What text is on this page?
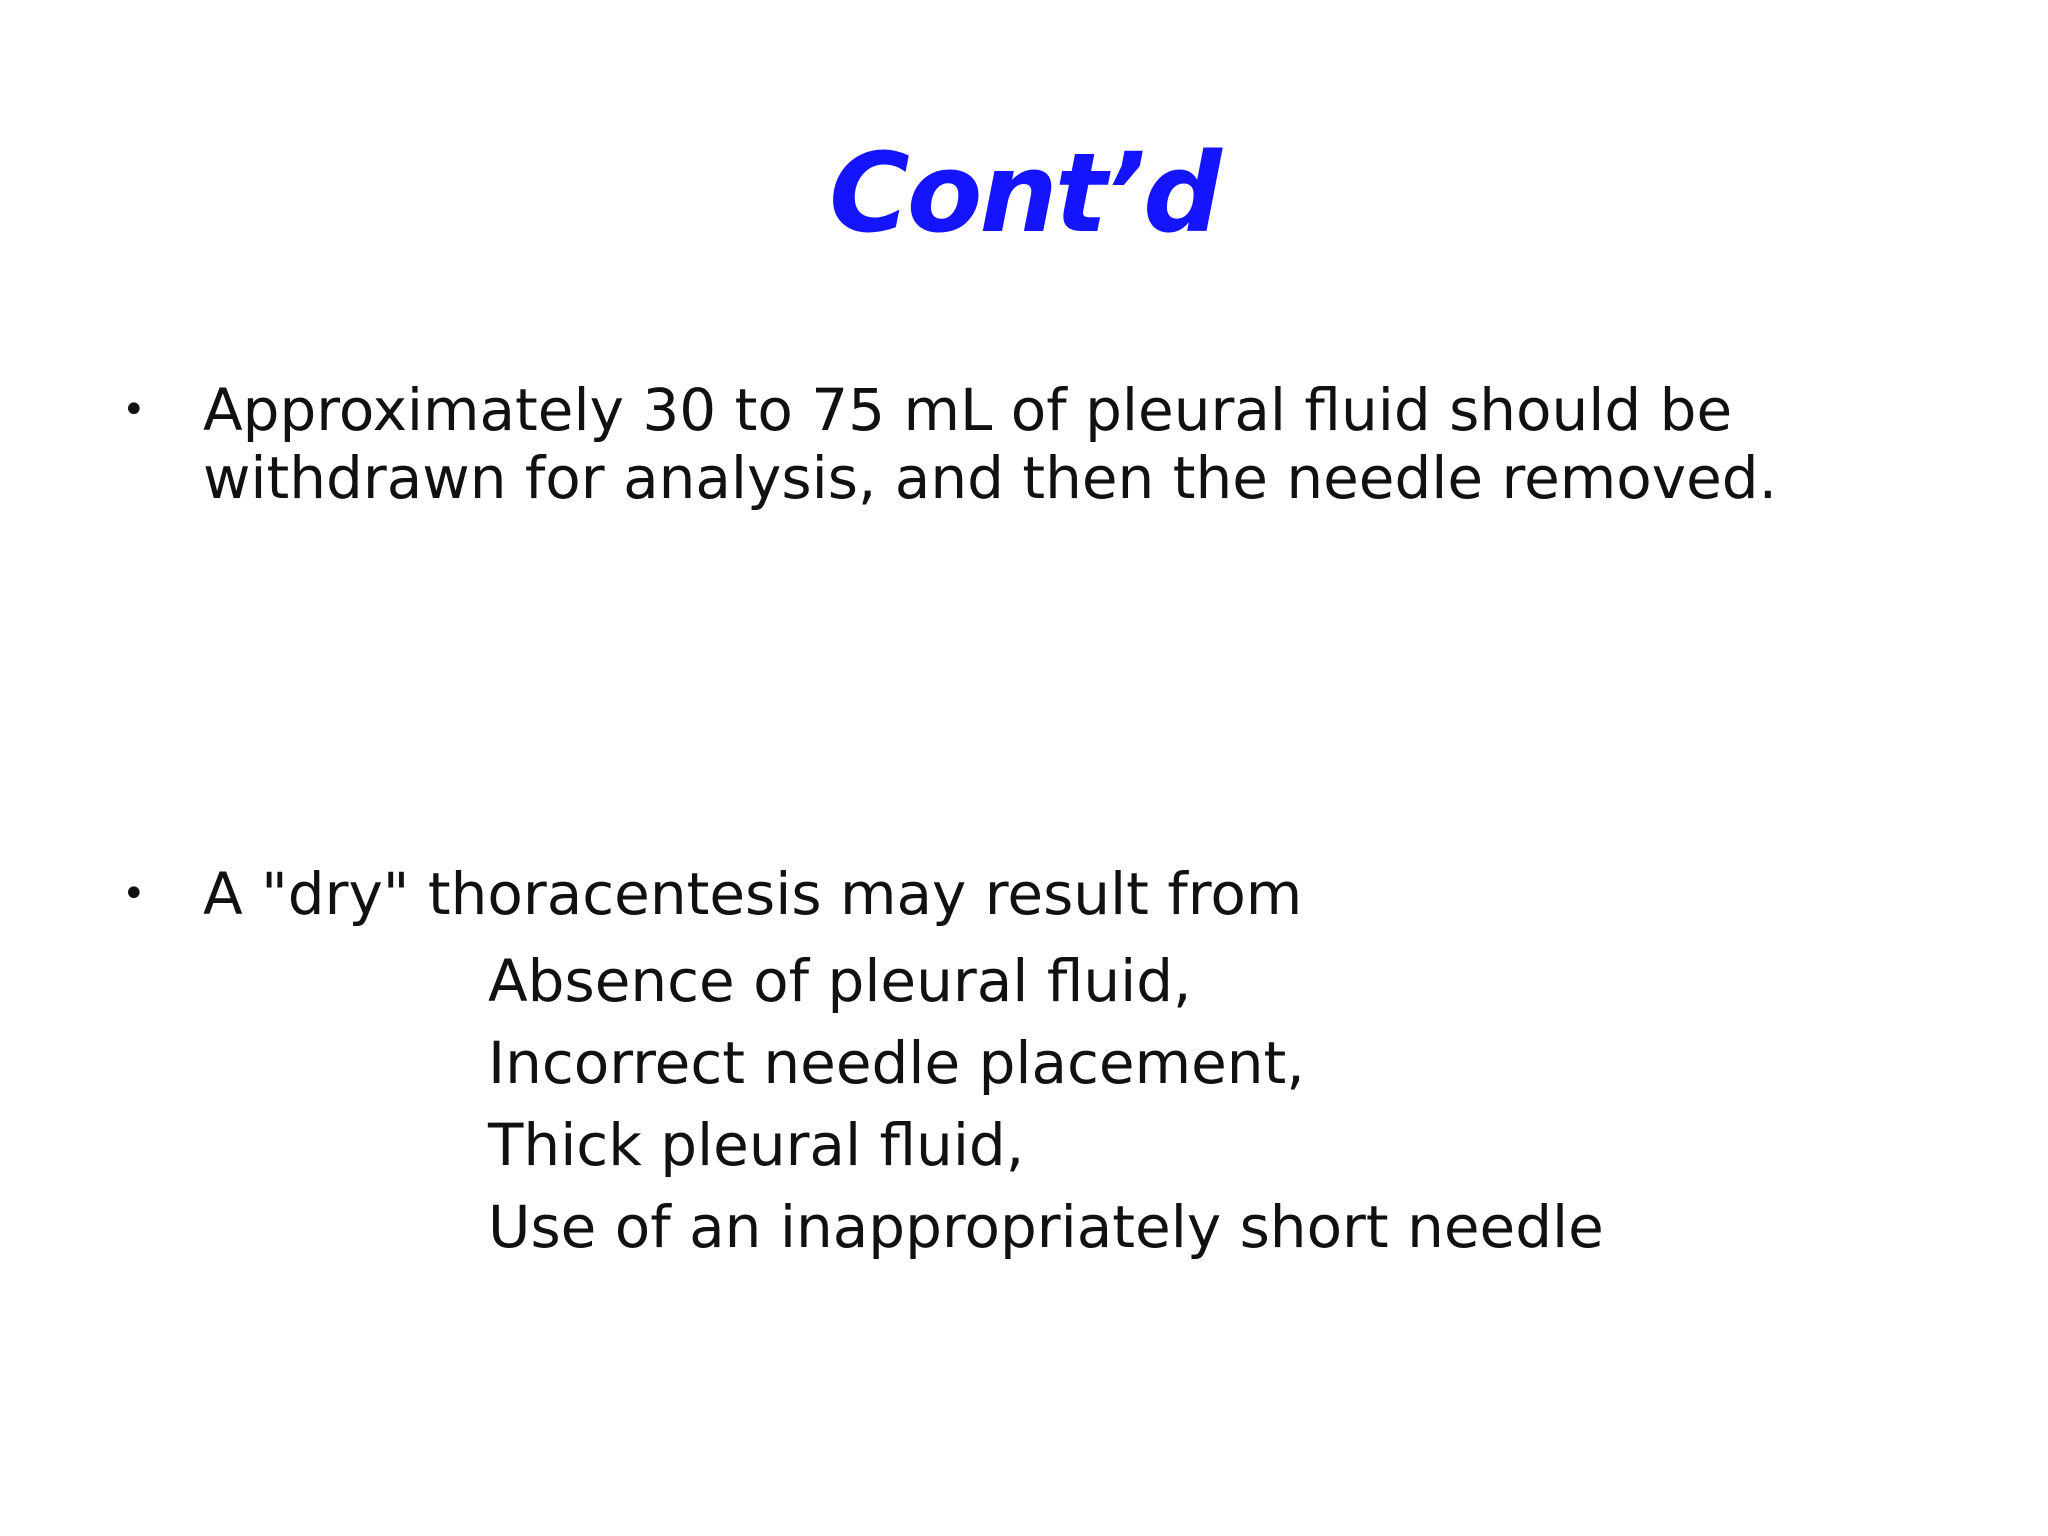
Cont’d
• Approximately 30 to 75 mL of pleural fluid should be
withdrawn for analysis, and then the needle removed.
• A "dry" thoracentesis may result from
Absence of pleural fluid,
Incorrect needle placement,
Thick pleural fluid,
Use of an inappropriately short needle
